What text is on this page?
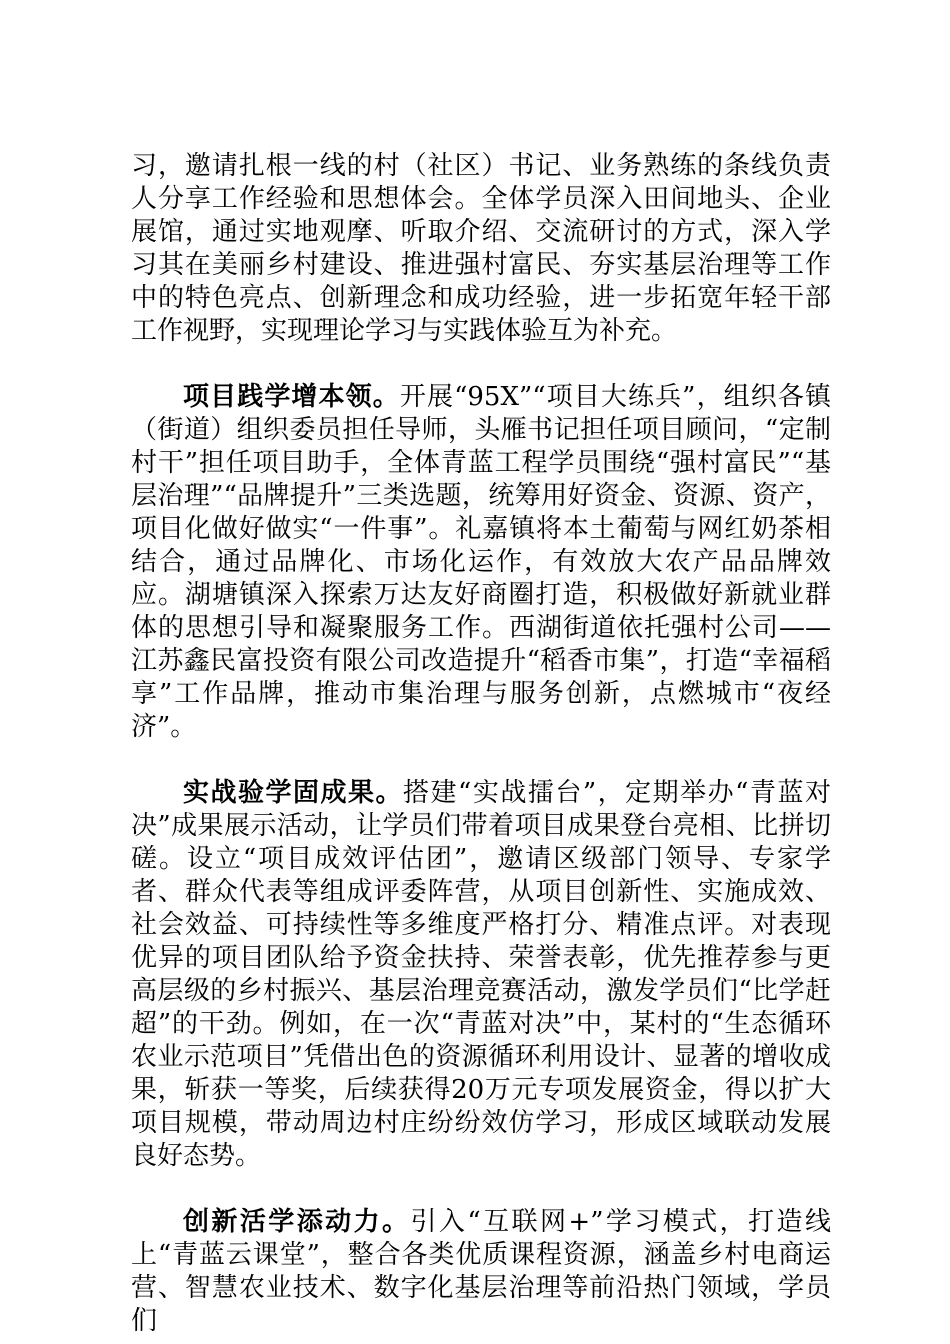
习，邀请扎根一线的村（社区）书记、业务熟练的条线负责人分享工作经验和思想体会。全体学员深入田间地头、企业展馆，通过实地观摩、听取介绍、交流研讨的方式，深入学习其在美丽乡村建设、推进强村富民、夯实基层治理等工作中的特色亮点、创新理念和成功经验，进一步拓宽年轻干部工作视野，实现理论学习与实践体验互为补充。

项目践学增本领。开展“95X”“项目大练兵”，组织各镇（街道）组织委员担任导师，头雁书记担任项目顾问，“定制村干”担任项目助手，全体青蓝工程学员围绕“强村富民”“基层治理”“品牌提升”三类选题，统筹用好资金、资源、资产，项目化做好做实“一件事”。礼嘉镇将本土葡萄与网红奶茶相结合，通过品牌化、市场化运作，有效放大农产品品牌效应。湖塘镇深入探索万达友好商圈打造，积极做好新就业群体的思想引导和凝聚服务工作。西湖街道依托强村公司——江苏鑫民富投资有限公司改造提升“稻香市集”，打造“幸福稻享”工作品牌，推动市集治理与服务创新，点燃城市“夜经济”。

实战验学固成果。搭建“实战擂台”，定期举办“青蓝对决”成果展示活动，让学员们带着项目成果登台亮相、比拼切磋。设立“项目成效评估团”，邀请区级部门领导、专家学者、群众代表等组成评委阵营，从项目创新性、实施成效、社会效益、可持续性等多维度严格打分、精准点评。对表现优异的项目团队给予资金扶持、荣誉表彰，优先推荐参与更高层级的乡村振兴、基层治理竞赛活动，激发学员们“比学赶超”的干劲。例如，在一次“青蓝对决”中，某村的“生态循环农业示范项目”凭借出色的资源循环利用设计、显著的增收成果，斩获一等奖，后续获得20万元专项发展资金，得以扩大项目规模，带动周边村庄纷纷效仿学习，形成区域联动发展良好态势。

创新活学添动力。引入“互联网+”学习模式，打造线上“青蓝云课堂”，整合各类优质课程资源，涵盖乡村电商运营、智慧农业技术、数字化基层治理等前沿热门领域，学员们
